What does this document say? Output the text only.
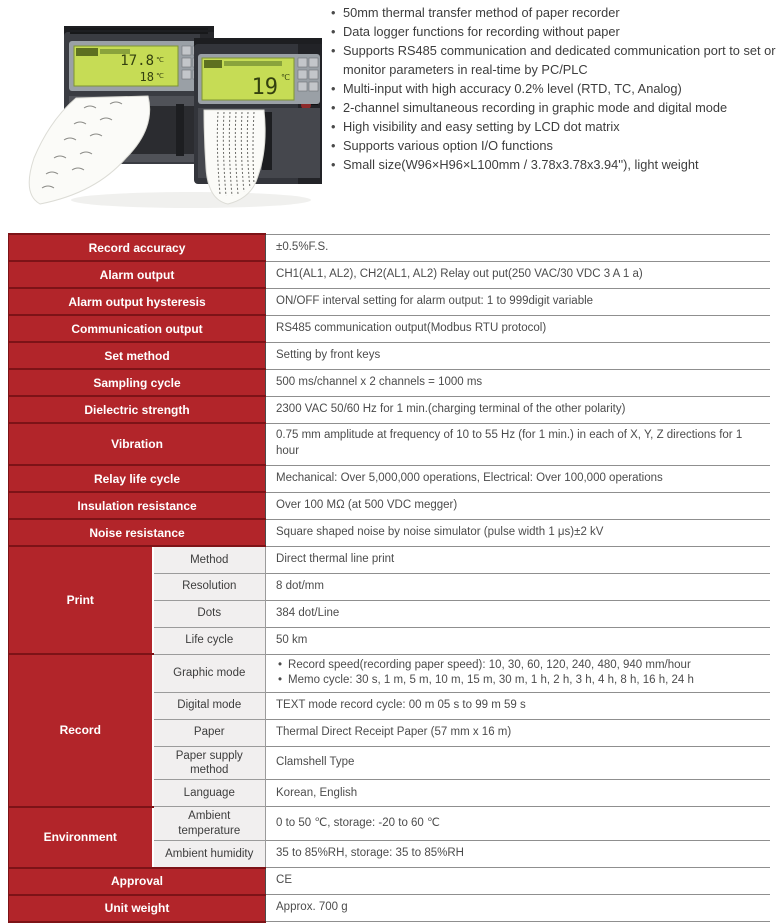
17.8 ℃
18 ℃	19 ℃
• 50mm thermal transfer method of paper recorder
• Data logger functions for recording without paper
• Supports RS485 communication and dedicated communication port to set or monitor parameters in real-time by PC/PLC
• Multi-input with high accuracy 0.2% level (RTD, TC, Analog)
• 2-channel simultaneous recording in graphic mode and digital mode
• High visibility and easy setting by LCD dot matrix
• Supports various option I/O functions
• Small size(W96×H96×L100mm / 3.78x3.78x3.94''), light weight
Record accuracy		±0.5%F.S.
Alarm output		CH1(AL1, AL2), CH2(AL1, AL2) Relay out put(250 VAC/30 VDC 3 A 1 a)
Alarm output hysteresis		ON/OFF interval setting for alarm output: 1 to 999digit variable
Communication output		RS485 communication output(Modbus RTU protocol)
Set method		Setting by front keys
Sampling cycle		500 ms/channel x 2 channels = 1000 ms
Dielectric strength		2300 VAC 50/60 Hz for 1 min.(charging terminal of the other polarity)
Vibration		0.75 mm amplitude at frequency of 10 to 55 Hz (for 1 min.) in each of X, Y, Z directions for 1 hour
Relay life cycle		Mechanical: Over 5,000,000 operations, Electrical: Over 100,000 operations
Insulation resistance		Over 100 MΩ (at 500 VDC megger)
Noise resistance		Square shaped noise by noise simulator (pulse width 1 μs)±2 kV
Print	Method	Direct thermal line print
	Resolution	8 dot/mm
	Dots	384 dot/Line
	Life cycle	50 km
Record	Graphic mode	• Record speed(recording paper speed): 10, 30, 60, 120, 240, 480, 940 mm/hour
• Memo cycle: 30 s, 1 m, 5 m, 10 m, 15 m, 30 m, 1 h, 2 h, 3 h, 4 h, 8 h, 16 h, 24 h

	Digital mode	TEXT mode record cycle: 00 m 05 s to 99 m 59 s
	Paper	Thermal Direct Receipt Paper (57 mm x 16 m)
	Paper supply method	Clamshell Type
	Language	Korean, English
Environment	Ambient temperature	0 to 50 ℃, storage: -20 to 60 ℃
	Ambient humidity	35 to 85%RH, storage: 35 to 85%RH
Approval		CE
Unit weight		Approx. 700 g
